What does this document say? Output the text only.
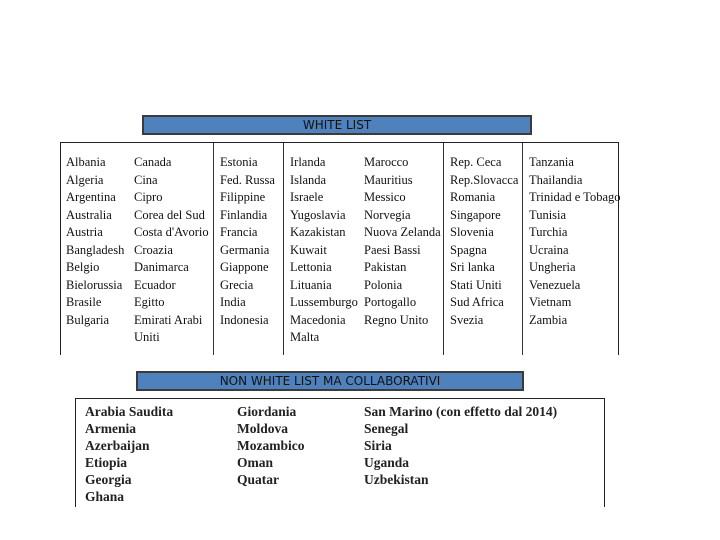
WHITE LIST
Albania
Algeria
Argentina
Australia
Austria
Bangladesh
Belgio
Bielorussia
Brasile
Bulgaria
Canada
Cina
Cipro
Corea del Sud
Costa d'Avorio
Croazia
Danimarca
Ecuador
Egitto
Emirati Arabi
Uniti
Estonia
Fed. Russa
Filippine
Finlandia
Francia
Germania
Giappone
Grecia
India
Indonesia
Irlanda
Islanda
Israele
Yugoslavia
Kazakistan
Kuwait
Lettonia
Lituania
Lussemburgo
Macedonia
Malta
Marocco
Mauritius
Messico
Norvegia
Nuova Zelanda
Paesi Bassi
Pakistan
Polonia
Portogallo
Regno Unito
Rep. Ceca
Rep.Slovacca
Romania
Singapore
Slovenia
Spagna
Sri lanka
Stati Uniti
Sud Africa
Svezia
Tanzania
Thailandia
Trinidad e Tobago
Tunisia
Turchia
Ucraina
Ungheria
Venezuela
Vietnam
Zambia
NON WHITE LIST MA COLLABORATIVI
Arabia Saudita
Armenia
Azerbaijan
Etiopia
Georgia
Ghana
Giordania
Moldova
Mozambico
Oman
Quatar
San Marino (con effetto dal 2014)
Senegal
Siria
Uganda
Uzbekistan
